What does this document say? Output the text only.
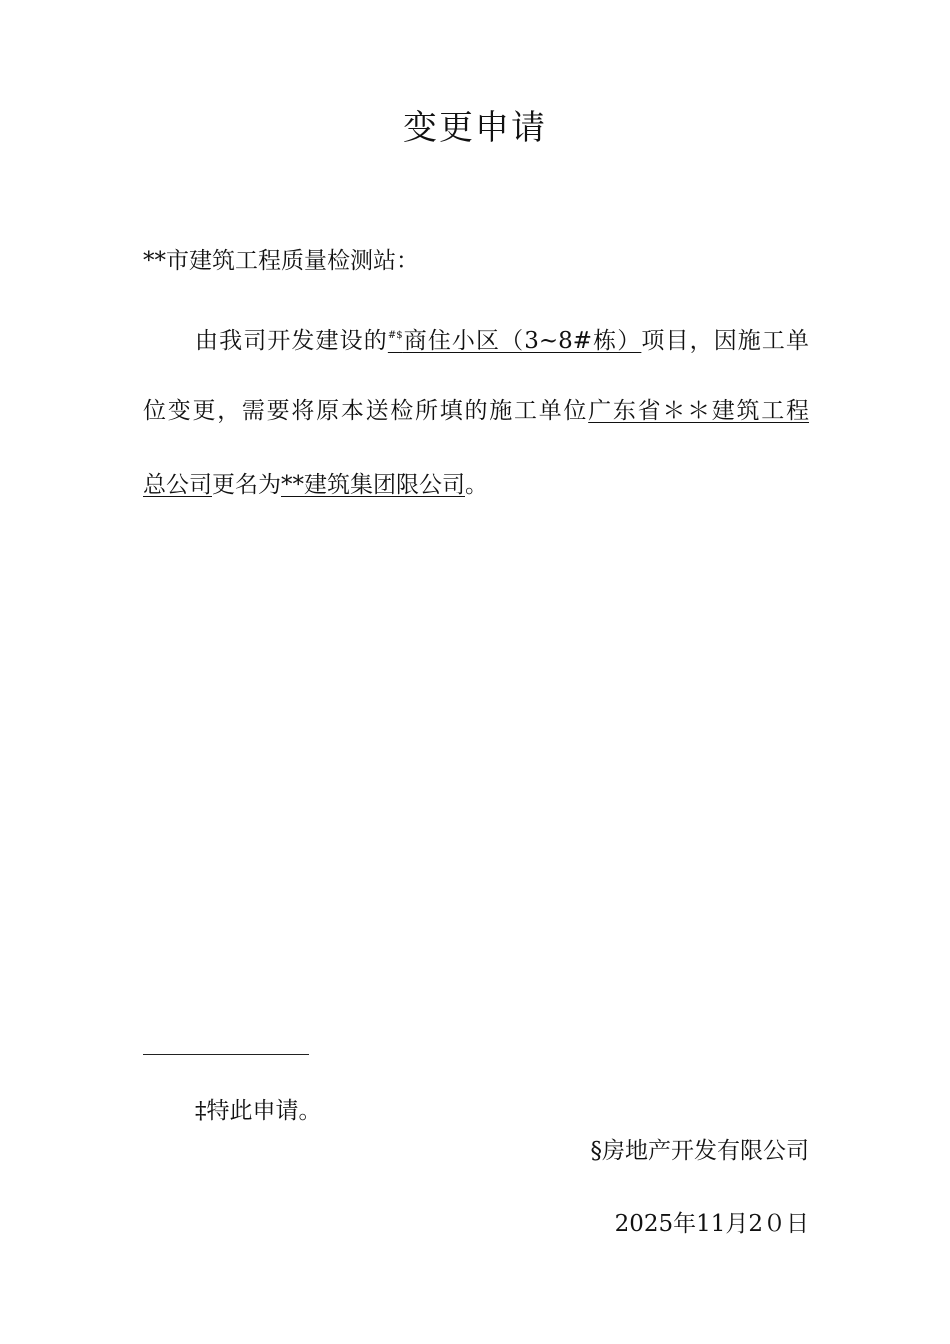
变更申请
**市建筑工程质量检测站：
由我司开发建设的#$商住小区（3~8#栋）项目，因施工单
位变更，需要将原本送检所填的施工单位广东省＊＊建筑工程
总公司更名为**建筑集团限公司。
‡特此申请。
§房地产开发有限公司
2025年11月2０日
